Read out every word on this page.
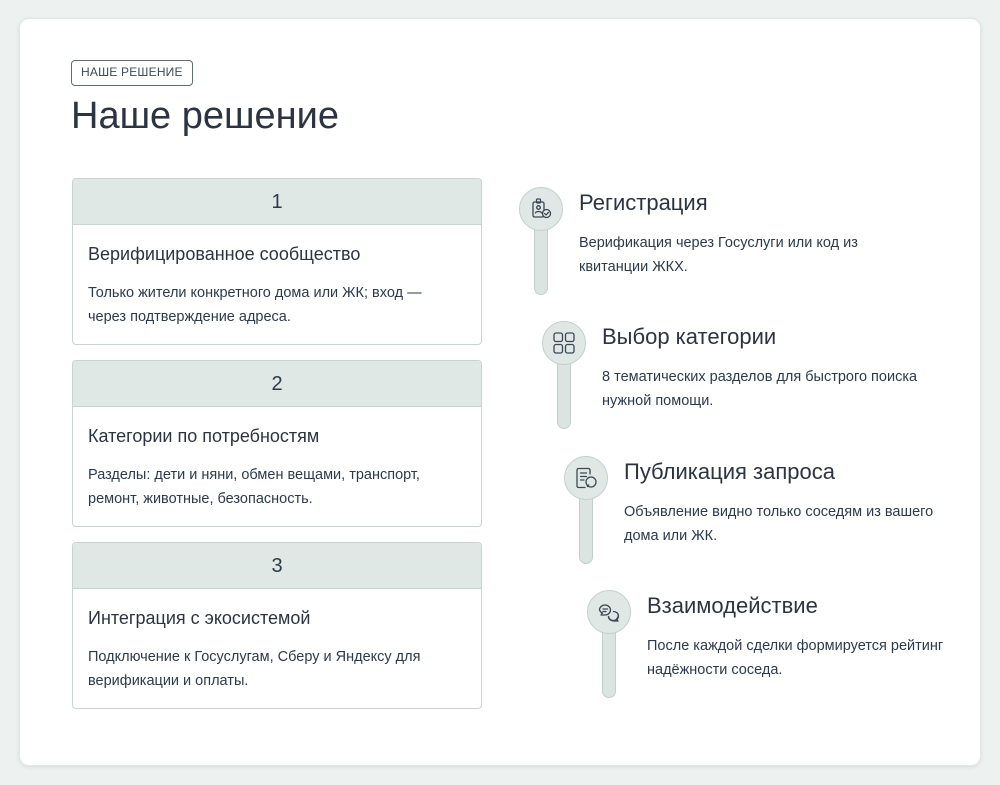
НАШЕ РЕШЕНИЕ
Наше решение
1
Верифицированное сообщество
Только жители конкретного дома или ЖК; вход — через подтверждение адреса.
2
Категории по потребностям
Разделы: дети и няни, обмен вещами, транспорт, ремонт, животные, безопасность.
3
Интеграция с экосистемой
Подключение к Госуслугам, Сберу и Яндексу для верификации и оплаты.
Регистрация
Верификация через Госуслуги или код из квитанции ЖКХ.
Выбор категории
8 тематических разделов для быстрого поиска нужной помощи.
Публикация запроса
Объявление видно только соседям из вашего дома или ЖК.
Взаимодействие
После каждой сделки формируется рейтинг надёжности соседа.
